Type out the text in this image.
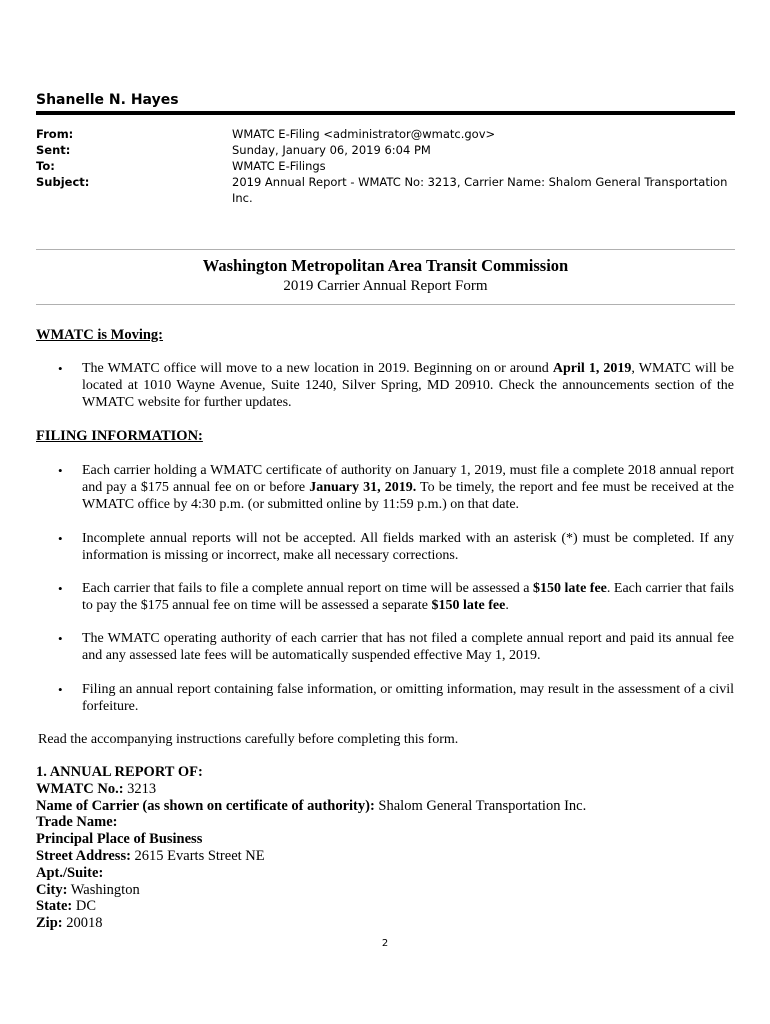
Shanelle N. Hayes
From:	WMATC E-Filing <administrator@wmatc.gov>
Sent:	Sunday, January 06, 2019 6:04 PM
To:	WMATC E-Filings
Subject:	2019 Annual Report - WMATC No: 3213, Carrier Name: Shalom General Transportation Inc.
Washington Metropolitan Area Transit Commission
2019 Carrier Annual Report Form
WMATC is Moving:
• The WMATC office will move to a new location in 2019. Beginning on or around April 1, 2019, WMATC will be located at 1010 Wayne Avenue, Suite 1240, Silver Spring, MD 20910. Check the announcements section of the WMATC website for further updates.
FILING INFORMATION:
• Each carrier holding a WMATC certificate of authority on January 1, 2019, must file a complete 2018 annual report and pay a $175 annual fee on or before January 31, 2019. To be timely, the report and fee must be received at the WMATC office by 4:30 p.m. (or submitted online by 11:59 p.m.) on that date.
• Incomplete annual reports will not be accepted. All fields marked with an asterisk (*) must be completed. If any information is missing or incorrect, make all necessary corrections.
• Each carrier that fails to file a complete annual report on time will be assessed a $150 late fee. Each carrier that fails to pay the $175 annual fee on time will be assessed a separate $150 late fee.
• The WMATC operating authority of each carrier that has not filed a complete annual report and paid its annual fee and any assessed late fees will be automatically suspended effective May 1, 2019.
• Filing an annual report containing false information, or omitting information, may result in the assessment of a civil forfeiture.
Read the accompanying instructions carefully before completing this form.
1. ANNUAL REPORT OF:
WMATC No.: 3213
Name of Carrier (as shown on certificate of authority): Shalom General Transportation Inc.
Trade Name:
Principal Place of Business
Street Address: 2615 Evarts Street NE
Apt./Suite:
City: Washington
State: DC
Zip: 20018
2
